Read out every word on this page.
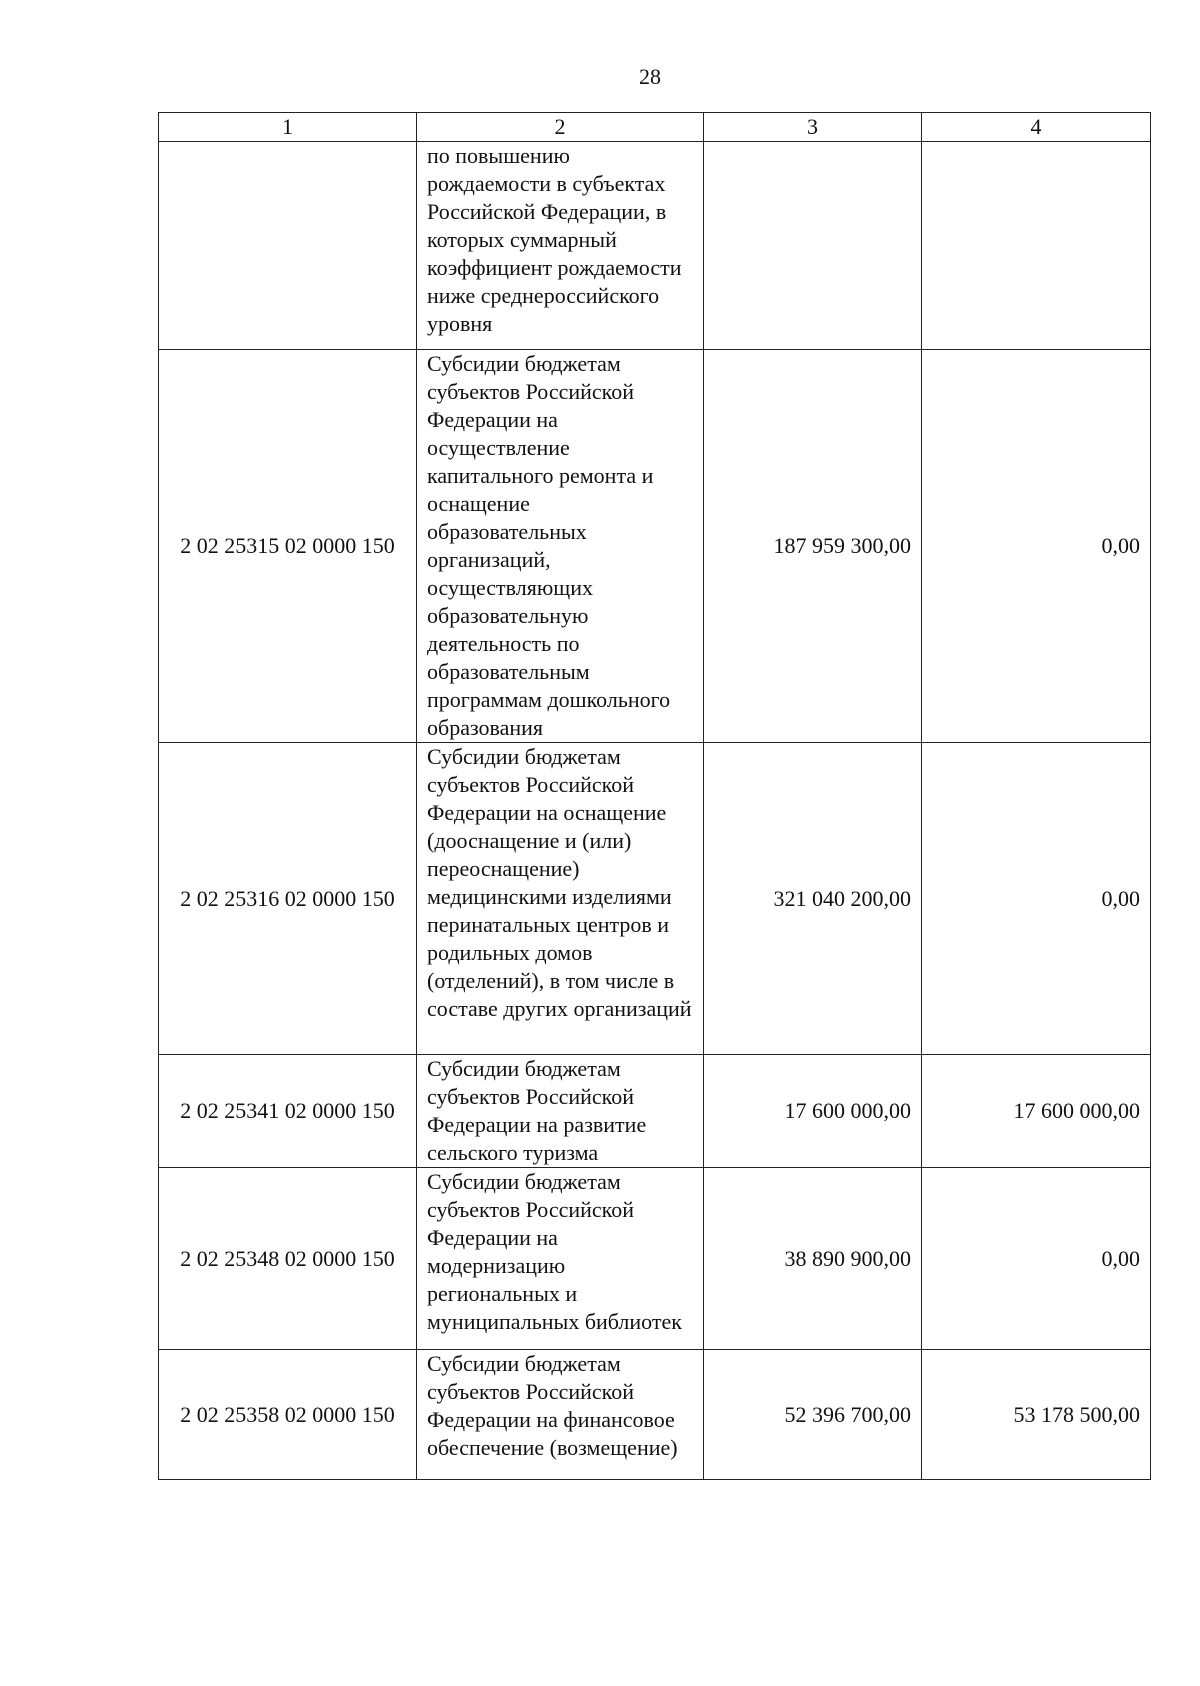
28
1	2	3	4
	по повышению рождаемости в субъектах Российской Федерации, в которых суммарный коэффициент рождаемости ниже среднероссийского уровня		
2 02 25315 02 0000 150	Субсидии бюджетам субъектов Российской Федерации на осуществление капитального ремонта и оснащение образовательных организаций, осуществляющих образовательную деятельность по образовательным программам дошкольного образования	187 959 300,00	0,00
2 02 25316 02 0000 150	Субсидии бюджетам субъектов Российской Федерации на оснащение (дооснащение и (или) переоснащение) медицинскими изделиями перинатальных центров и родильных домов (отделений), в том числе в составе других организаций	321 040 200,00	0,00
2 02 25341 02 0000 150	Субсидии бюджетам субъектов Российской Федерации на развитие сельского туризма	17 600 000,00	17 600 000,00
2 02 25348 02 0000 150	Субсидии бюджетам субъектов Российской Федерации на модернизацию региональных и муниципальных библиотек	38 890 900,00	0,00
2 02 25358 02 0000 150	Субсидии бюджетам субъектов Российской Федерации на финансовое обеспечение (возмещение)	52 396 700,00	53 178 500,00
